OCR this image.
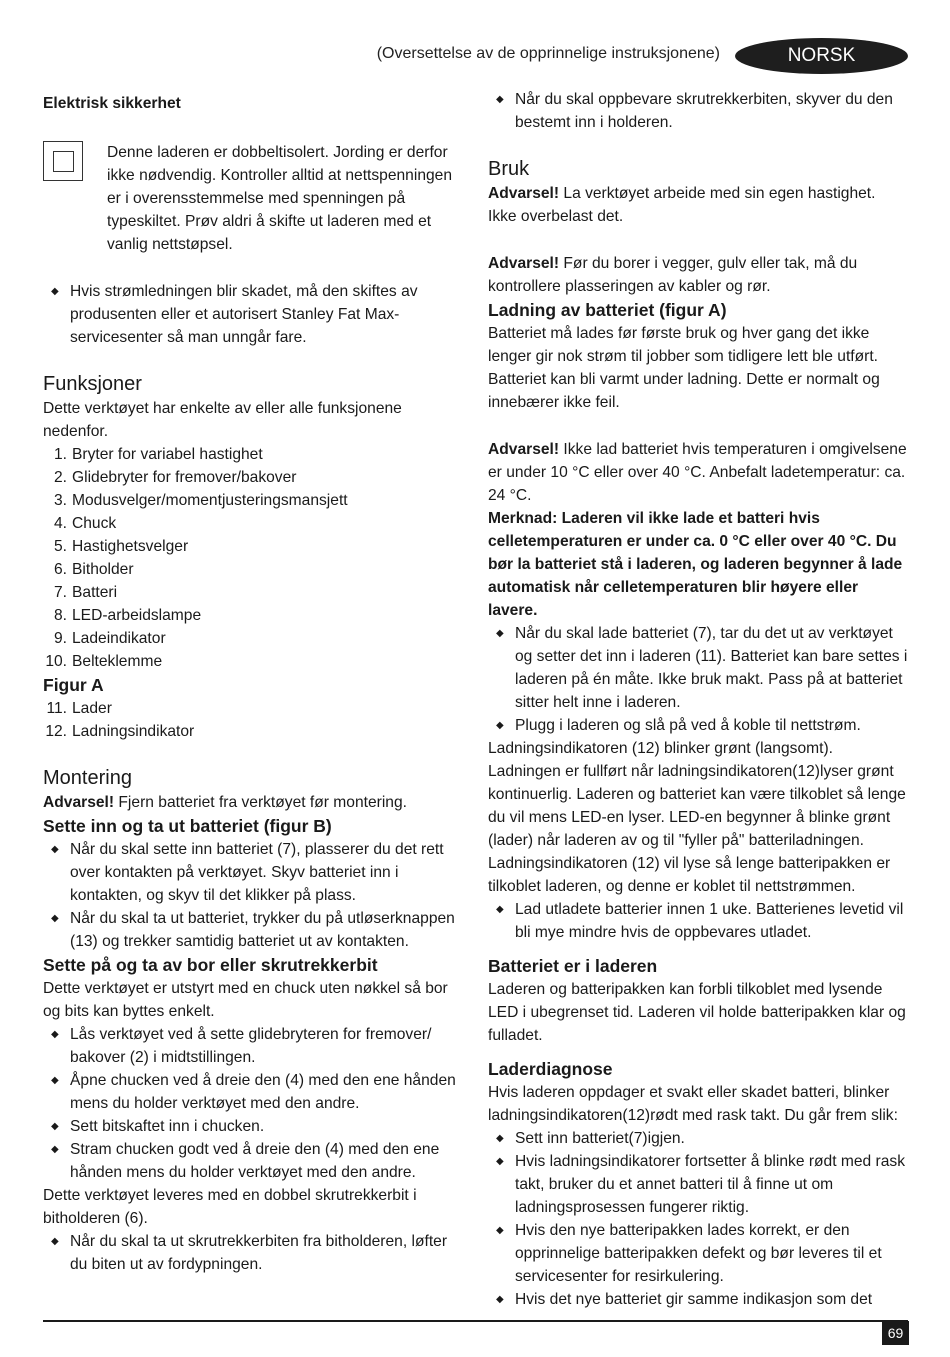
(Oversettelse av de opprinnelige instruksjonene)	NORSK

Elektrisk sikkerhet

Denne laderen er dobbeltisolert. Jording er derfor ikke nødvendig. Kontroller alltid at nettspenningen er i overensstemmelse med spenningen på typeskiltet. Prøv aldri å skifte ut laderen med et vanlig nettstøpsel.

◆ Hvis strømledningen blir skadet, må den skiftes av produsenten eller et autorisert Stanley Fat Max-servicesenter så man unngår fare.
Funksjoner

Dette verktøyet har enkelte av eller alle funksjonene nedenfor.

1. Bryter for variabel hastighet
2. Glidebryter for fremover/bakover
3. Modusvelger/momentjusteringsmansjett
4. Chuck
5. Hastighetsvelger
6. Bitholder
7. Batteri
8. LED-arbeidslampe
9. Ladeindikator
10. Belteklemme
Figur A
11. Lader
12. Ladningsindikator
Montering

Advarsel! Fjern batteriet fra verktøyet før montering.

Sette inn og ta ut batteriet (figur B)
◆ Når du skal sette inn batteriet (7), plasserer du det rett over kontakten på verktøyet. Skyv batteriet inn i kontakten, og skyv til det klikker på plass.
◆ Når du skal ta ut batteriet, trykker du på utløserknappen (13) og trekker samtidig batteriet ut av kontakten.
Sette på og ta av bor eller skrutrekkerbit

Dette verktøyet er utstyrt med en chuck uten nøkkel så bor og bits kan byttes enkelt.

◆ Lås verktøyet ved å sette glidebryteren for fremover/ bakover (2) i midtstillingen.
◆ Åpne chucken ved å dreie den (4) med den ene hånden mens du holder verktøyet med den andre.
◆ Sett bitskaftet inn i chucken.
◆ Stram chucken godt ved å dreie den (4) med den ene hånden mens du holder verktøyet med den andre.

Dette verktøyet leveres med en dobbel skrutrekkerbit i bitholderen (6).

◆ Når du skal ta ut skrutrekkerbiten fra bitholderen, løfter du biten ut av fordypningen.
◆ Når du skal oppbevare skrutrekkerbiten, skyver du den bestemt inn i holderen.
Bruk

Advarsel! La verktøyet arbeide med sin egen hastighet. Ikke overbelast det.

Advarsel! Før du borer i vegger, gulv eller tak, må du kontrollere plasseringen av kabler og rør.

Ladning av batteriet (figur A)

Batteriet må lades før første bruk og hver gang det ikke lenger gir nok strøm til jobber som tidligere lett ble utført. Batteriet kan bli varmt under ladning. Dette er normalt og innebærer ikke feil.

Advarsel! Ikke lad batteriet hvis temperaturen i omgivelsene er under 10 °C eller over 40 °C. Anbefalt ladetemperatur: ca. 24 °C.

Merknad: Laderen vil ikke lade et batteri hvis celletemperaturen er under ca. 0 °C eller over 40 °C. Du bør la batteriet stå i laderen, og laderen begynner å lade automatisk når celletemperaturen blir høyere eller lavere.

◆ Når du skal lade batteriet (7), tar du det ut av verktøyet og setter det inn i laderen (11). Batteriet kan bare settes i laderen på én måte. Ikke bruk makt. Pass på at batteriet sitter helt inne i laderen.
◆ Plugg i laderen og slå på ved å koble til nettstrøm.

Ladningsindikatoren (12) blinker grønt (langsomt). Ladningen er fullført når ladningsindikatoren(12)lyser grønt kontinuerlig. Laderen og batteriet kan være tilkoblet så lenge du vil mens LED-en lyser. LED-en begynner å blinke grønt (lader) når laderen av og til "fyller på" batteriladningen. Ladningsindikatoren (12) vil lyse så lenge batteripakken er tilkoblet laderen, og denne er koblet til nettstrømmen.

◆ Lad utladete batterier innen 1 uke. Batterienes levetid vil bli mye mindre hvis de oppbevares utladet.
Batteriet er i laderen

Laderen og batteripakken kan forbli tilkoblet med lysende LED i ubegrenset tid. Laderen vil holde batteripakken klar og fulladet.

Laderdiagnose

Hvis laderen oppdager et svakt eller skadet batteri, blinker ladningsindikatoren(12)rødt med rask takt. Du går frem slik:

◆ Sett inn batteriet(7)igjen.
◆ Hvis ladningsindikatorer fortsetter å blinke rødt med rask takt, bruker du et annet batteri til å finne ut om ladningsprosessen fungerer riktig.
◆ Hvis den nye batteripakken lades korrekt, er den opprinnelige batteripakken defekt og bør leveres til et servicesenter for resirkulering.
◆ Hvis det nye batteriet gir samme indikasjon som det
69
